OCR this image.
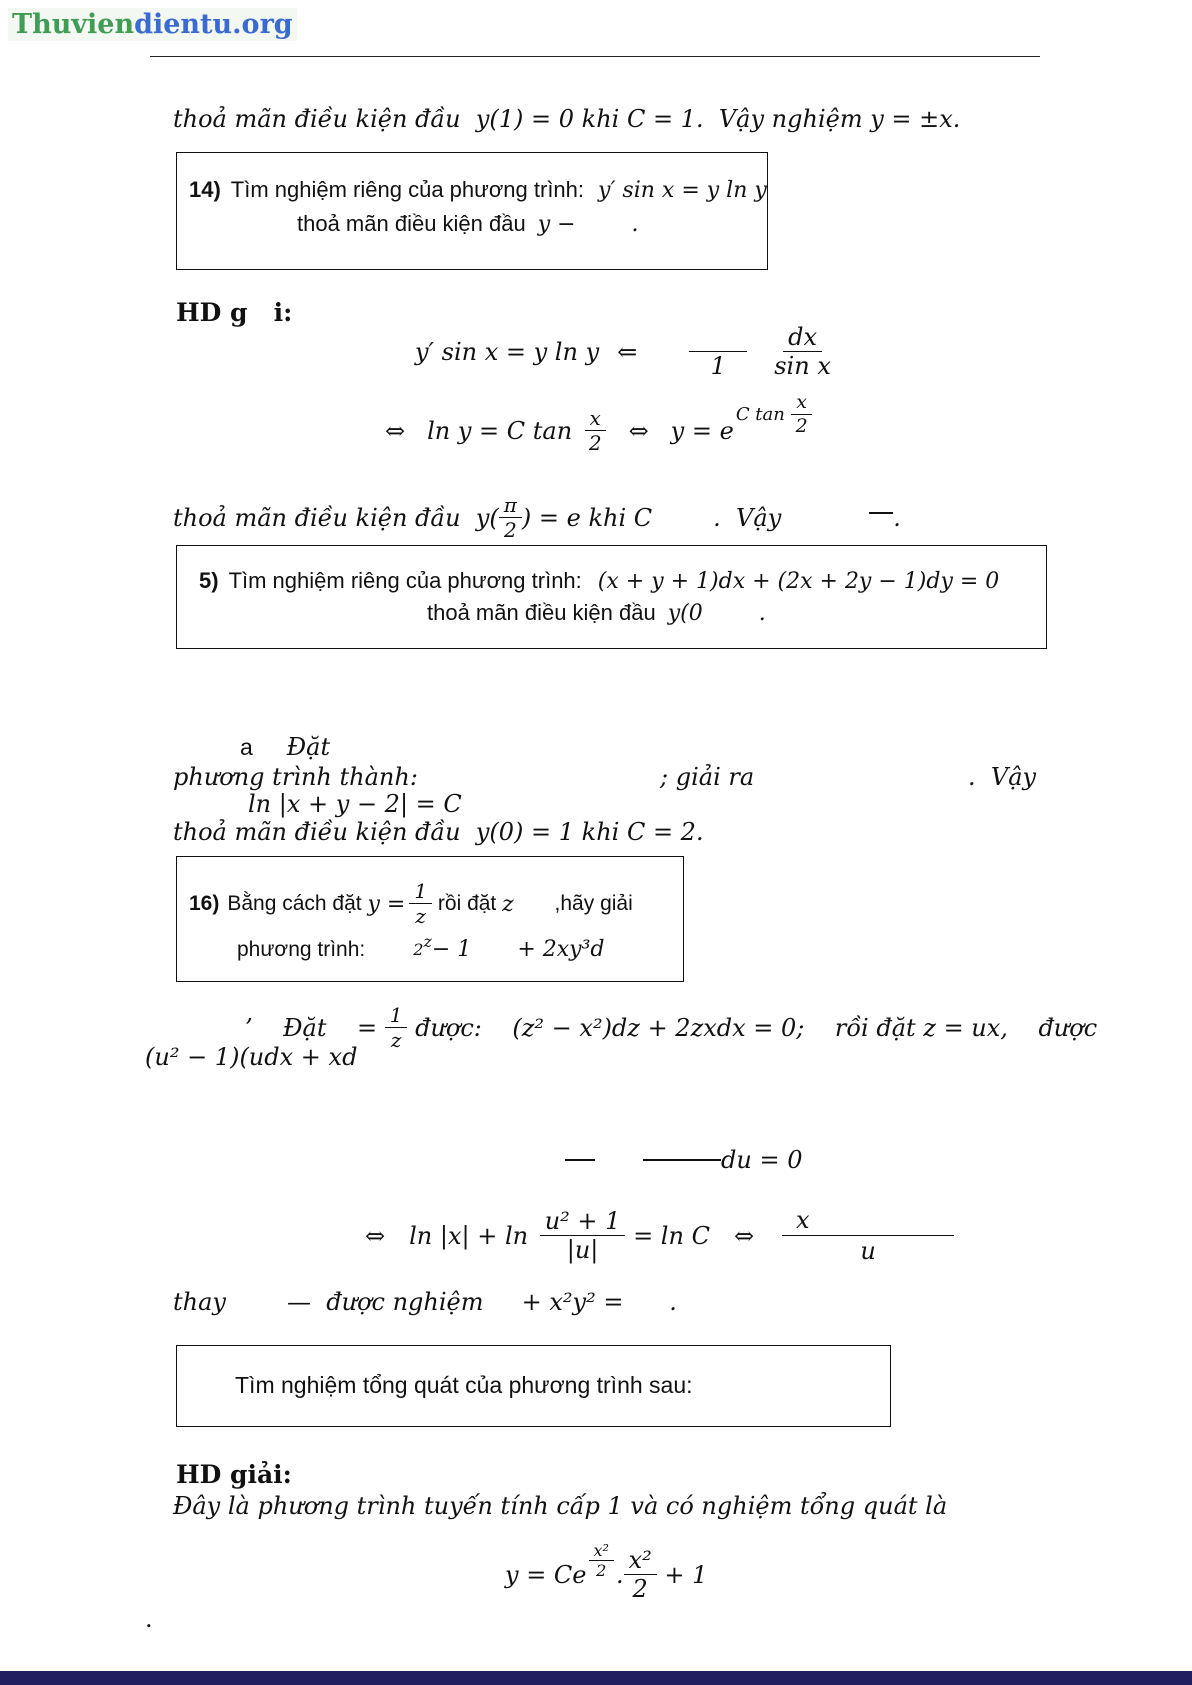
Thuviendientu.org
thoả mãn điều kiện đầu  y(1) = 0 khi C = 1.  Vậy nghiệm y = ±x.
14) Tìm nghiệm riêng của phương trình: y′ sin x = y ln y
thoả mãn điều kiện đầu y −        .
HD g   i:
y′ sin x = y ln y ⇐
	$1 \frac{dx}{\text{sin x}}$
⇔ ln y = C $\tan \frac{x}{2}$ ⇔ y = e
C $\tan \frac{x}{2}$
thoả mãn điều kiện đầu  $y( \frac{\pi}{2}$ ) = e khi C        .  Vậy	.
5) Tìm nghiệm riêng của phương trình: (x + y + 1)dx + (2x + 2y − 1)dy = 0
thoả mãn điều kiện đầu y(0        .
a Đặt
phương trình thành:	; giải ra	.  Vậy
ln |x + y − 2| = C
thoả mãn điều kiện đầu  y(0) = 1 khi C = 2.
16) Bằng cách đặt $y = \frac{1}{z}$ rồi đặt z ,hãy giải
phương trình:	2 z − 1 + 2xy³d
’    Đặt    = $\frac{1}{z}$ được:    (z² − x²)dz + 2zxdx = 0;    rồi đặt z = ux,    được
(u² − 1)(udx + xd
du = 0
⇔ $\ln |x| + \ln \frac{\text{u² + 1}}{|u|} = \ln C$ ⇔ $\frac{x}{u}$
thay        —  được nghiệm     + x²y² =      .
Tìm nghiệm tổng quát của phương trình sau:
HD giải:
Đây là phương trình tuyến tính cấp 1 và có nghiệm tổng quát là
y = Ce $\frac{\text{x²}}{2}$ . $\frac{\text{x²}}{2} + 1$
.
